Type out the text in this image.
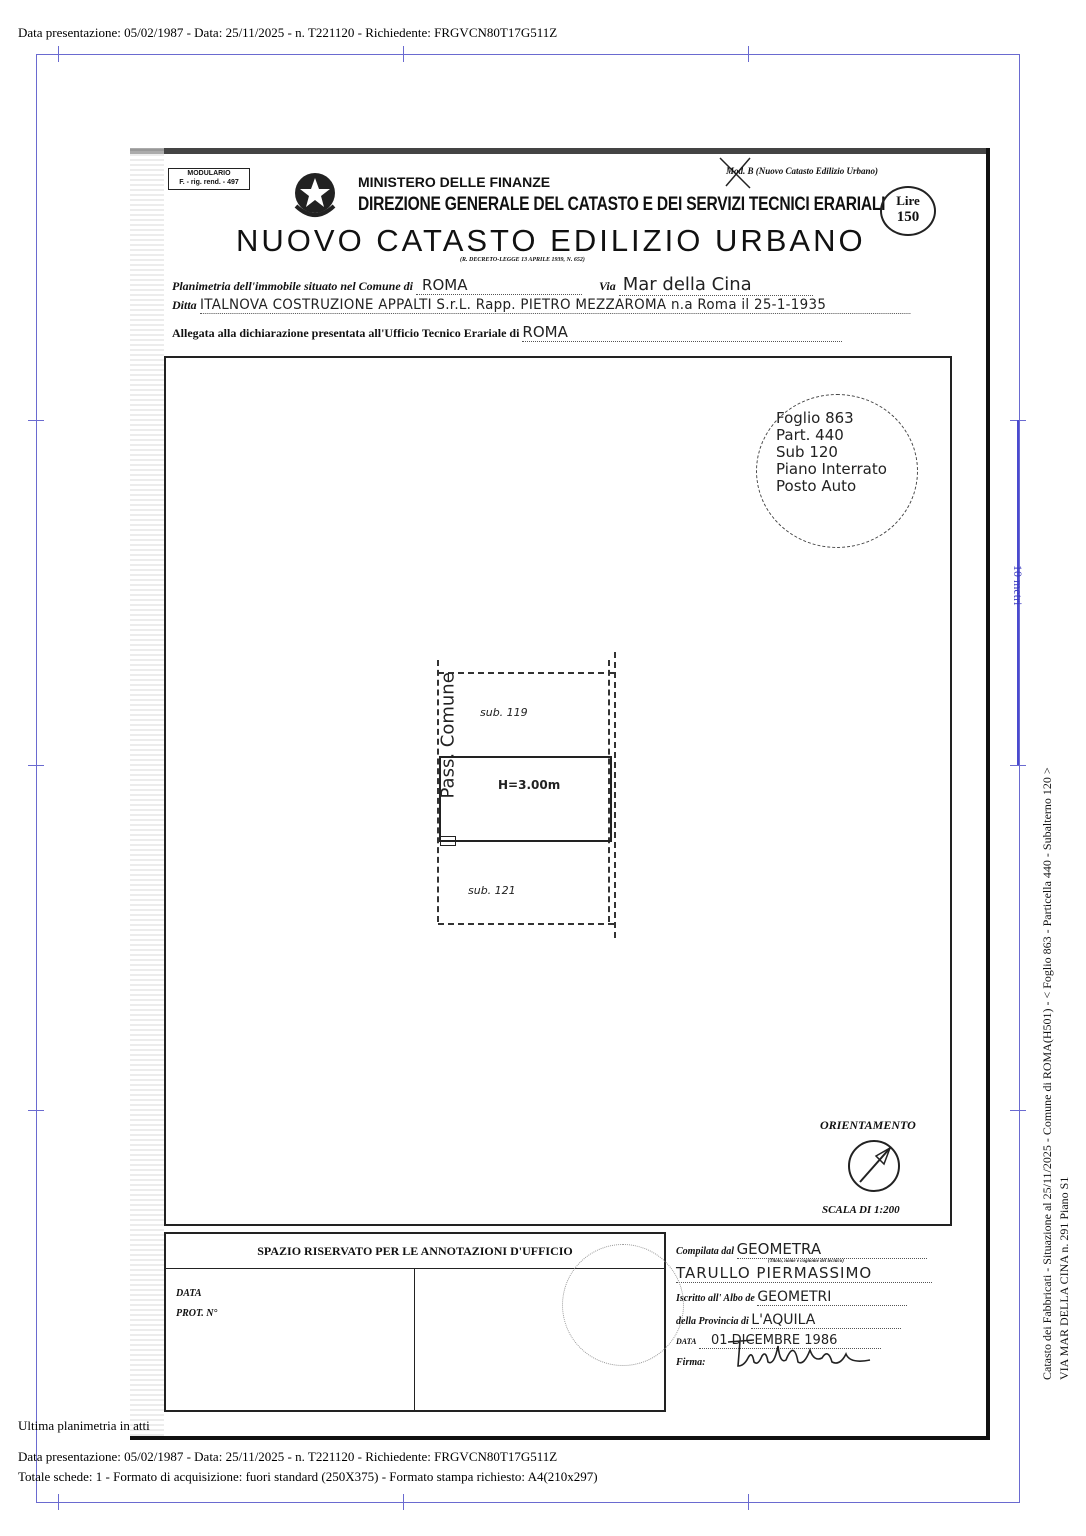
Data presentazione: 05/02/1987 - Data: 25/11/2025 - n. T221120 - Richiedente: FRGVCN80T17G511Z
10 metri
Catasto dei Fabbricati - Situazione al 25/11/2025 - Comune di ROMA(H501) - < Foglio 863 - Particella 440 - Subalterno 120 > VIA MAR DELLA CINA n. 291 Piano S1
MODULARIO
F. - rig. rend. - 497	MINISTERO DELLE FINANZE
DIREZIONE GENERALE DEL CATASTO E DEI SERVIZI TECNICI ERARIALI
Mod. B (Nuovo Catasto Edilizio Urbano)
Lire
150
NUOVO CATASTO EDILIZIO URBANO
(R. DECRETO-LEGGE 13 APRILE 1939, N. 652)
Planimetria dell'immobile situato nel Comune di ROMA	Via Mar della Cina
Ditta ITALNOVA COSTRUZIONE APPALTI S.r.L. Rapp. PIETRO MEZZAROMA n.a Roma il 25-1-1935
Allegata alla dichiarazione presentata all'Ufficio Tecnico Erariale di ROMA
Foglio 863
Part. 440
Sub 120
Piano Interrato
Posto Auto
Pass. Comune sub. 119
H=3.00m
sub. 121
ORIENTAMENTO
SCALA DI 1:200
SPAZIO RISERVATO PER LE ANNOTAZIONI D'UFFICIO
DATA
PROT. N°
Compilata dal GEOMETRA
(Titolo, nome e cognome del tecnico)
TARULLO PIERMASSIMO
Iscritto all' Albo de GEOMETRI
della Provincia di L'AQUILA
DATA 01 DICEMBRE 1986
Firma:
Ultima planimetria in atti
Data presentazione: 05/02/1987 - Data: 25/11/2025 - n. T221120 - Richiedente: FRGVCN80T17G511Z
Totale schede: 1 - Formato di acquisizione: fuori standard (250X375) - Formato stampa richiesto: A4(210x297)
